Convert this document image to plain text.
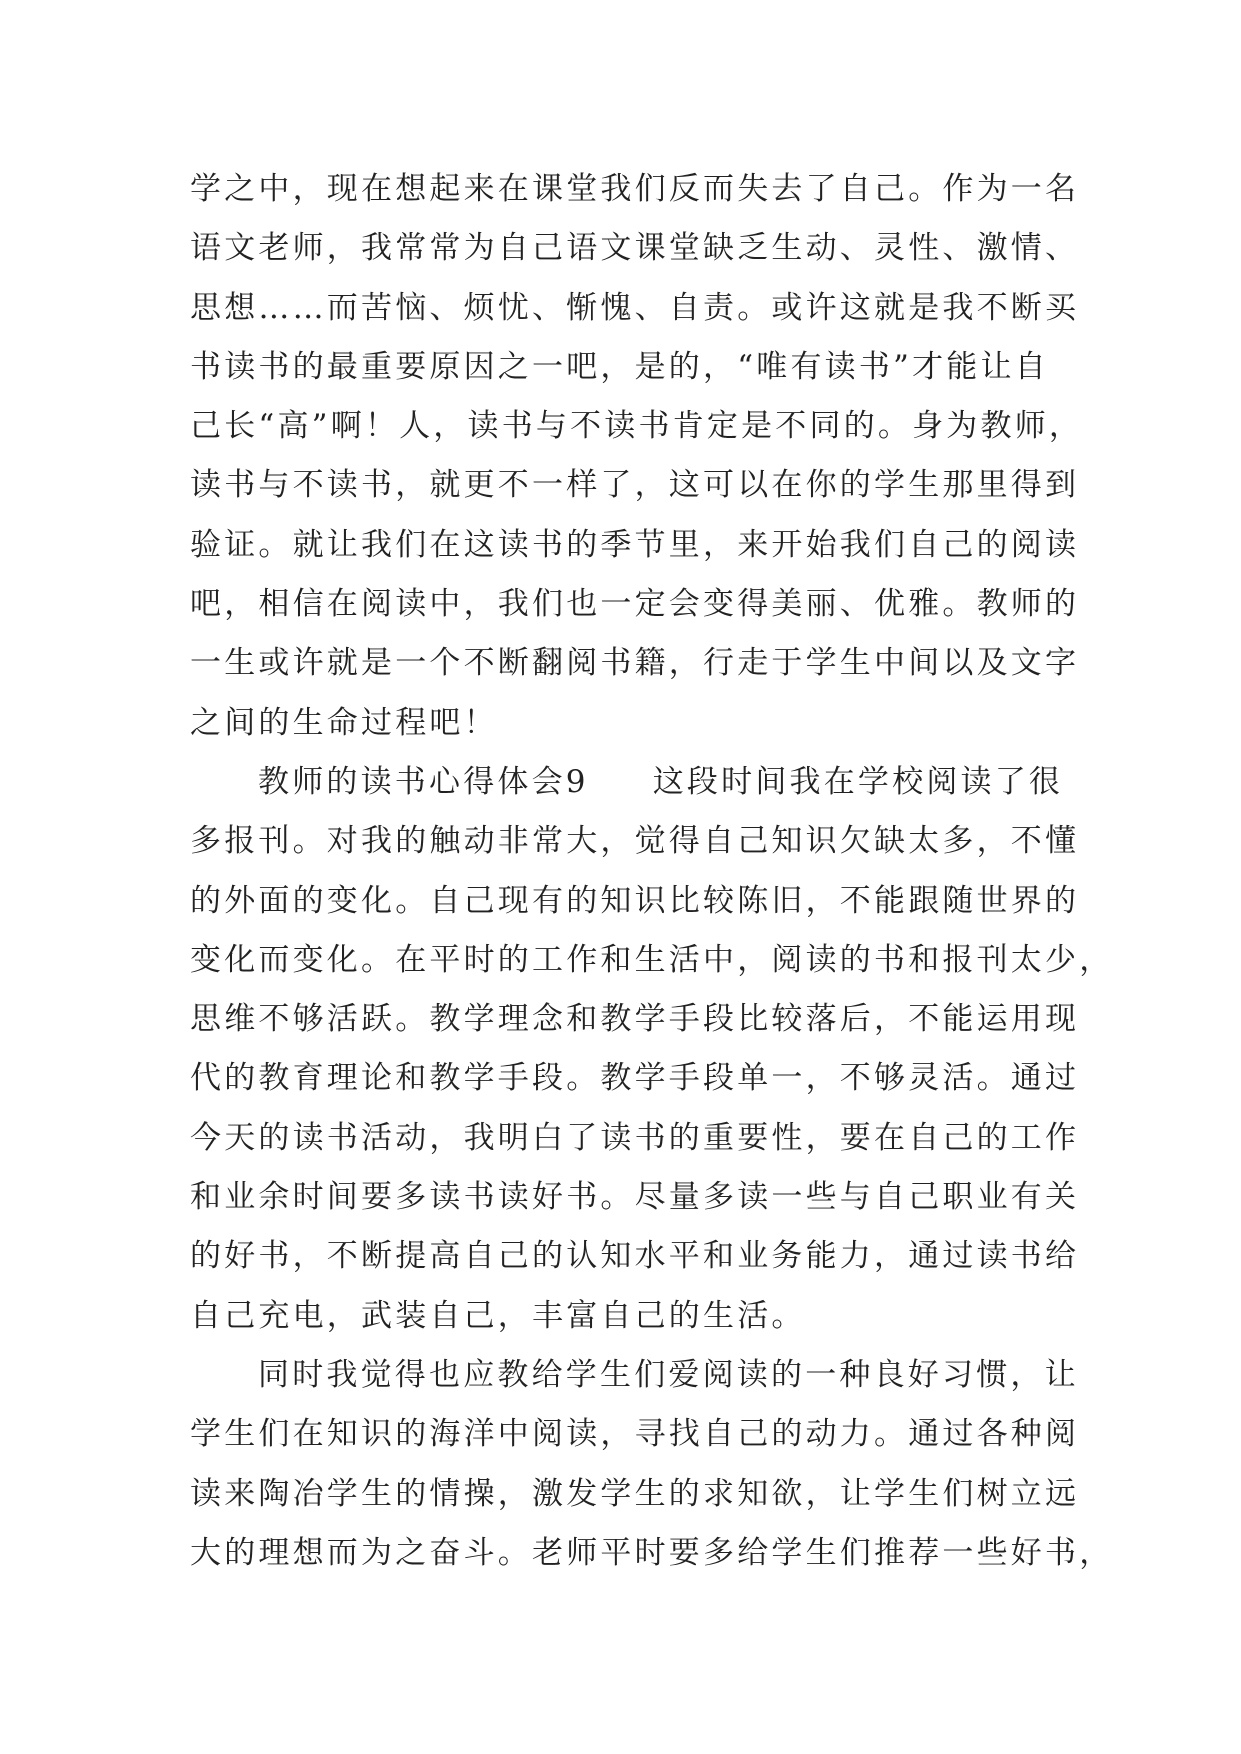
学之中，现在想起来在课堂我们反而失去了自己。作为一名
语文老师，我常常为自己语文课堂缺乏生动、灵性、激情、
思想……而苦恼、烦忧、惭愧、自责。或许这就是我不断买
书读书的最重要原因之一吧，是的，“唯有读书”才能让自
己长“高”啊！人，读书与不读书肯定是不同的。身为教师，
读书与不读书，就更不一样了，这可以在你的学生那里得到
验证。就让我们在这读书的季节里，来开始我们自己的阅读
吧，相信在阅读中，我们也一定会变得美丽、优雅。教师的
一生或许就是一个不断翻阅书籍，行走于学生中间以及文字
之间的生命过程吧！
教师的读书心得体会9 这段时间我在学校阅读了很
多报刊。对我的触动非常大，觉得自己知识欠缺太多，不懂
的外面的变化。自己现有的知识比较陈旧，不能跟随世界的
变化而变化。在平时的工作和生活中，阅读的书和报刊太少，
思维不够活跃。教学理念和教学手段比较落后，不能运用现
代的教育理论和教学手段。教学手段单一，不够灵活。通过
今天的读书活动，我明白了读书的重要性，要在自己的工作
和业余时间要多读书读好书。尽量多读一些与自己职业有关
的好书，不断提高自己的认知水平和业务能力，通过读书给
自己充电，武装自己，丰富自己的生活。
同时我觉得也应教给学生们爱阅读的一种良好习惯，让
学生们在知识的海洋中阅读，寻找自己的动力。通过各种阅
读来陶冶学生的情操，激发学生的求知欲，让学生们树立远
大的理想而为之奋斗。老师平时要多给学生们推荐一些好书，
